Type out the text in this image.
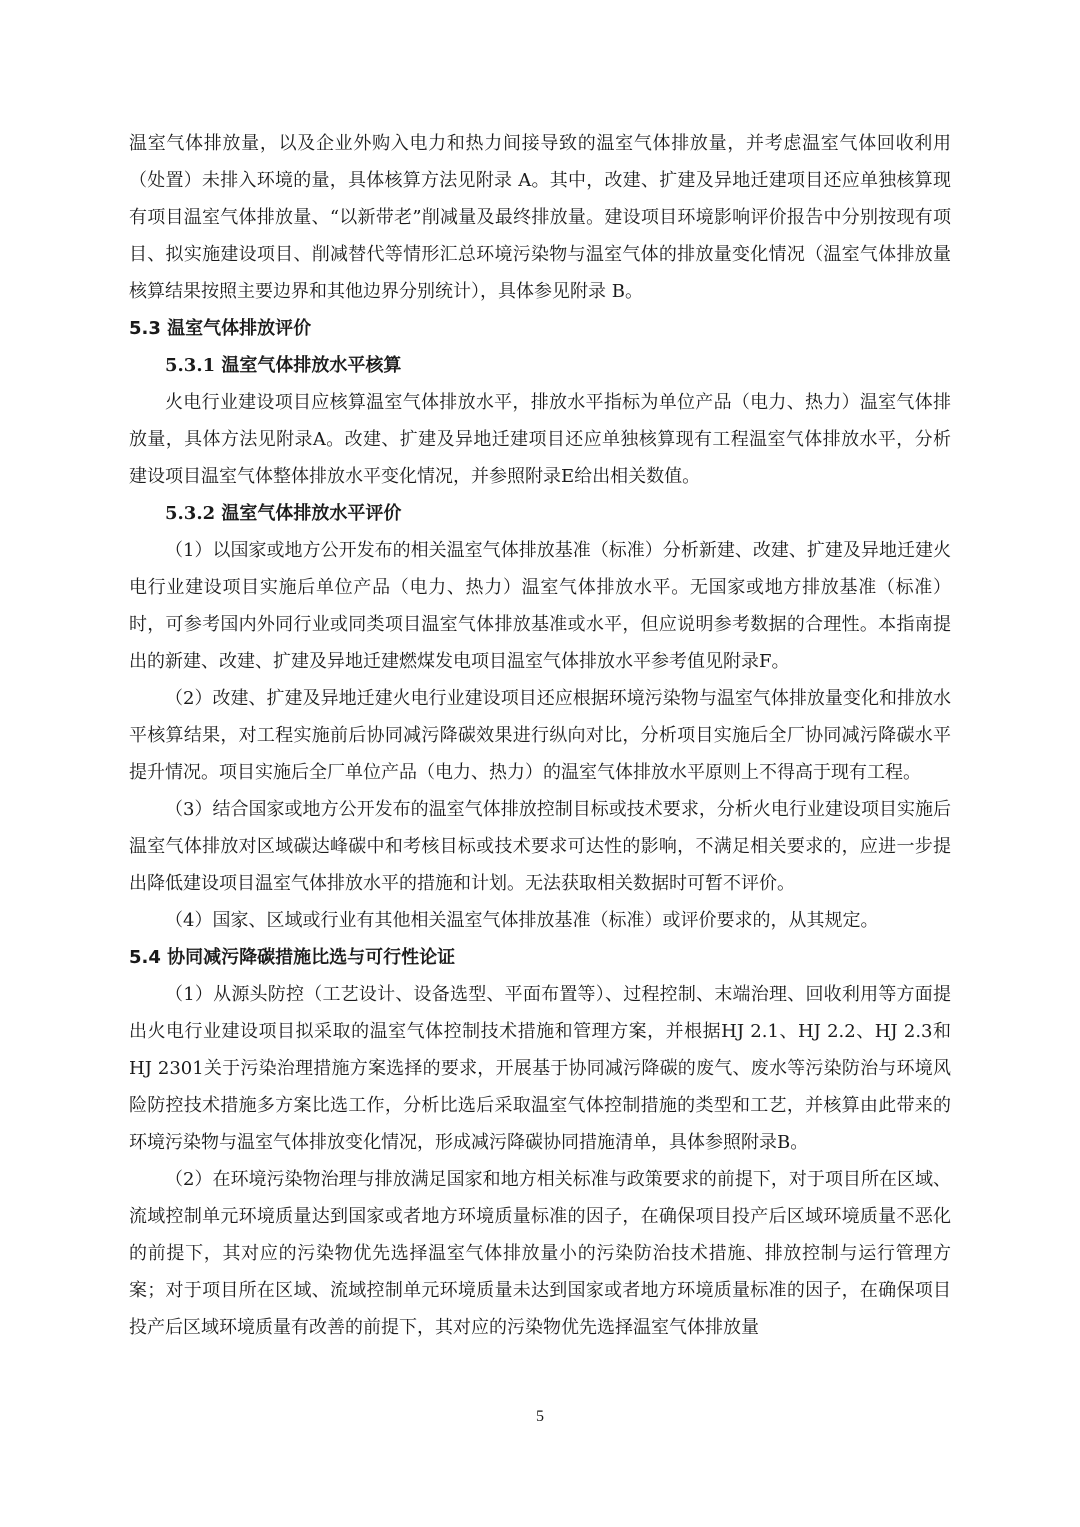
温室气体排放量，以及企业外购入电力和热力间接导致的温室气体排放量，并考虑温室气体回收利用（处置）未排入环境的量，具体核算方法见附录 A。其中，改建、扩建及异地迁建项目还应单独核算现有项目温室气体排放量、“以新带老”削减量及最终排放量。建设项目环境影响评价报告中分别按现有项目、拟实施建设项目、削减替代等情形汇总环境污染物与温室气体的排放量变化情况（温室气体排放量核算结果按照主要边界和其他边界分别统计），具体参见附录 B。

5.3 温室气体排放评价
5.3.1 温室气体排放水平核算

火电行业建设项目应核算温室气体排放水平，排放水平指标为单位产品（电力、热力）温室气体排放量，具体方法见附录A。改建、扩建及异地迁建项目还应单独核算现有工程温室气体排放水平，分析建设项目温室气体整体排放水平变化情况，并参照附录E给出相关数值。

5.3.2 温室气体排放水平评价

（1）以国家或地方公开发布的相关温室气体排放基准（标准）分析新建、改建、扩建及异地迁建火电行业建设项目实施后单位产品（电力、热力）温室气体排放水平。无国家或地方排放基准（标准）时，可参考国内外同行业或同类项目温室气体排放基准或水平，但应说明参考数据的合理性。本指南提出的新建、改建、扩建及异地迁建燃煤发电项目温室气体排放水平参考值见附录F。

（2）改建、扩建及异地迁建火电行业建设项目还应根据环境污染物与温室气体排放量变化和排放水平核算结果，对工程实施前后协同减污降碳效果进行纵向对比，分析项目实施后全厂协同减污降碳水平提升情况。项目实施后全厂单位产品（电力、热力）的温室气体排放水平原则上不得高于现有工程。

（3）结合国家或地方公开发布的温室气体排放控制目标或技术要求，分析火电行业建设项目实施后温室气体排放对区域碳达峰碳中和考核目标或技术要求可达性的影响，不满足相关要求的，应进一步提出降低建设项目温室气体排放水平的措施和计划。无法获取相关数据时可暂不评价。

（4）国家、区域或行业有其他相关温室气体排放基准（标准）或评价要求的，从其规定。

5.4 协同减污降碳措施比选与可行性论证

（1）从源头防控（工艺设计、设备选型、平面布置等）、过程控制、末端治理、回收利用等方面提出火电行业建设项目拟采取的温室气体控制技术措施和管理方案，并根据HJ 2.1、HJ 2.2、HJ 2.3和HJ 2301关于污染治理措施方案选择的要求，开展基于协同减污降碳的废气、废水等污染防治与环境风险防控技术措施多方案比选工作，分析比选后采取温室气体控制措施的类型和工艺，并核算由此带来的环境污染物与温室气体排放变化情况，形成减污降碳协同措施清单，具体参照附录B。

（2）在环境污染物治理与排放满足国家和地方相关标准与政策要求的前提下，对于项目所在区域、流域控制单元环境质量达到国家或者地方环境质量标准的因子，在确保项目投产后区域环境质量不恶化的前提下，其对应的污染物优先选择温室气体排放量小的污染防治技术措施、排放控制与运行管理方案；对于项目所在区域、流域控制单元环境质量未达到国家或者地方环境质量标准的因子，在确保项目投产后区域环境质量有改善的前提下，其对应的污染物优先选择温室气体排放量

5
